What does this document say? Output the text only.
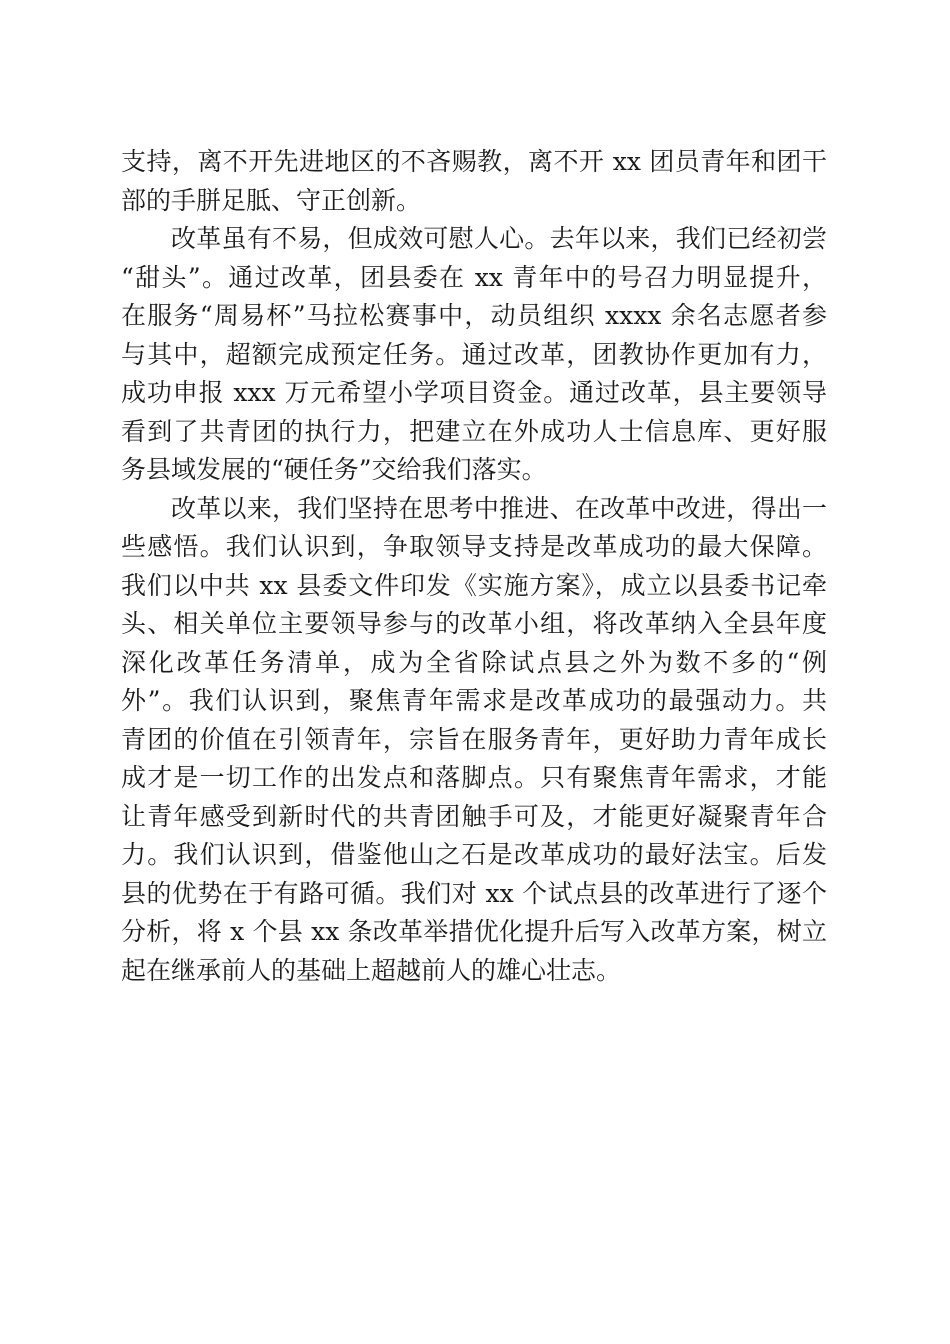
支持，离不开先进地区的不吝赐教，离不开 xx 团员青年和团干
部的手胼足胝、守正创新。
改革虽有不易，但成效可慰人心。去年以来，我们已经初尝
“甜头”。通过改革，团县委在 xx 青年中的号召力明显提升，
在服务“周易杯”马拉松赛事中，动员组织 xxxx 余名志愿者参
与其中，超额完成预定任务。通过改革，团教协作更加有力，
成功申报 xxx 万元希望小学项目资金。通过改革，县主要领导
看到了共青团的执行力，把建立在外成功人士信息库、更好服
务县域发展的“硬任务”交给我们落实。
改革以来，我们坚持在思考中推进、在改革中改进，得出一
些感悟。我们认识到，争取领导支持是改革成功的最大保障。
我们以中共 xx 县委文件印发《实施方案》，成立以县委书记牵
头、相关单位主要领导参与的改革小组，将改革纳入全县年度
深化改革任务清单，成为全省除试点县之外为数不多的“例
外”。我们认识到，聚焦青年需求是改革成功的最强动力。共
青团的价值在引领青年，宗旨在服务青年，更好助力青年成长
成才是一切工作的出发点和落脚点。只有聚焦青年需求，才能
让青年感受到新时代的共青团触手可及，才能更好凝聚青年合
力。我们认识到，借鉴他山之石是改革成功的最好法宝。后发
县的优势在于有路可循。我们对 xx 个试点县的改革进行了逐个
分析，将 x 个县 xx 条改革举措优化提升后写入改革方案，树立
起在继承前人的基础上超越前人的雄心壮志。
